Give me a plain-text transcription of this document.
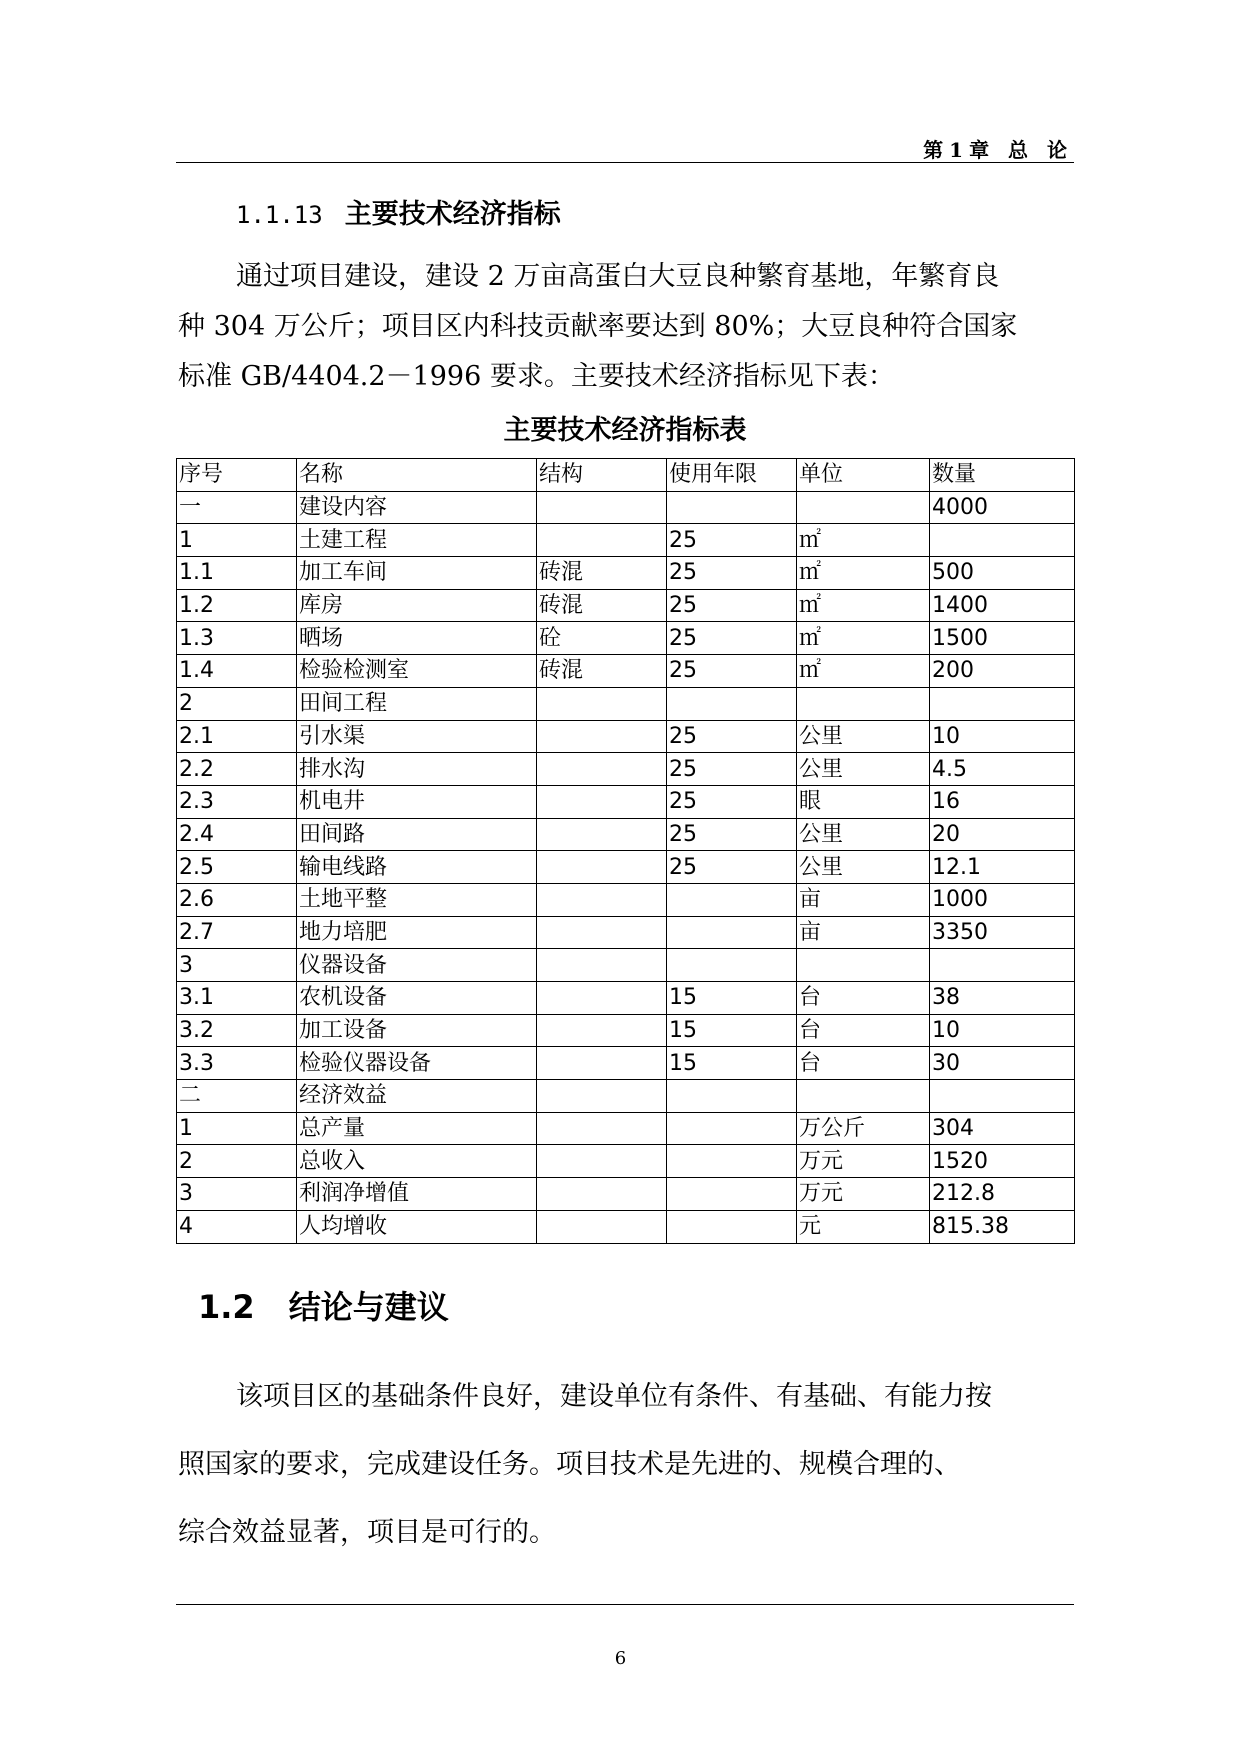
第1章 总 论
1.1.13 主要技术经济指标
通过项目建设，建设 2 万亩高蛋白大豆良种繁育基地，年繁育良
种 304 万公斤；项目区内科技贡献率要达到 80%；大豆良种符合国家
标准 GB/4404.2－1996 要求。主要技术经济指标见下表：
主要技术经济指标表
序号	名称	结构	使用年限	单位	数量
一	建设内容				4000
1	土建工程		25	㎡	
1.1	加工车间	砖混	25	㎡	500
1.2	库房	砖混	25	㎡	1400
1.3	晒场	砼	25	㎡	1500
1.4	检验检测室	砖混	25	㎡	200
2	田间工程				
2.1	引水渠		25	公里	10
2.2	排水沟		25	公里	4.5
2.3	机电井		25	眼	16
2.4	田间路		25	公里	20
2.5	输电线路		25	公里	12.1
2.6	土地平整			亩	1000
2.7	地力培肥			亩	3350
3	仪器设备				
3.1	农机设备		15	台	38
3.2	加工设备		15	台	10
3.3	检验仪器设备		15	台	30
二	经济效益				
1	总产量			万公斤	304
2	总收入			万元	1520
3	利润净增值			万元	212.8
4	人均增收			元	815.38
1.2 结论与建议
该项目区的基础条件良好，建设单位有条件、有基础、有能力按
照国家的要求，完成建设任务。项目技术是先进的、规模合理的、
综合效益显著，项目是可行的。
6
